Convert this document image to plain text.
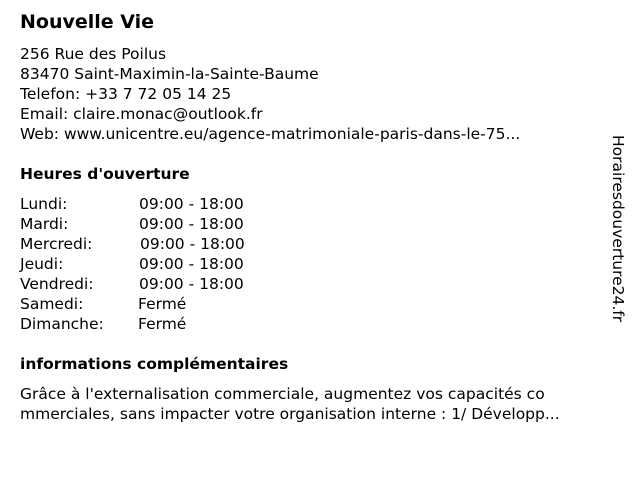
Nouvelle Vie
256 Rue des Poilus
83470 Saint-Maximin-la-Sainte-Baume
Telefon: +33 7 72 05 14 25
Email: claire.monac@outlook.fr
Web: www.unicentre.eu/agence-matrimoniale-paris-dans-le-75...
Heures d'ouverture
Lundi:	09:00 - 18:00
Mardi:	09:00 - 18:00
Mercredi:	09:00 - 18:00
Jeudi:	09:00 - 18:00
Vendredi:	09:00 - 18:00
Samedi:	Fermé
Dimanche: Fermé
informations complémentaires
Grâce à l'externalisation commerciale, augmentez vos capacités co
mmerciales, sans impacter votre organisation interne : 1/ Développ...
Horairesdouverture24.fr
